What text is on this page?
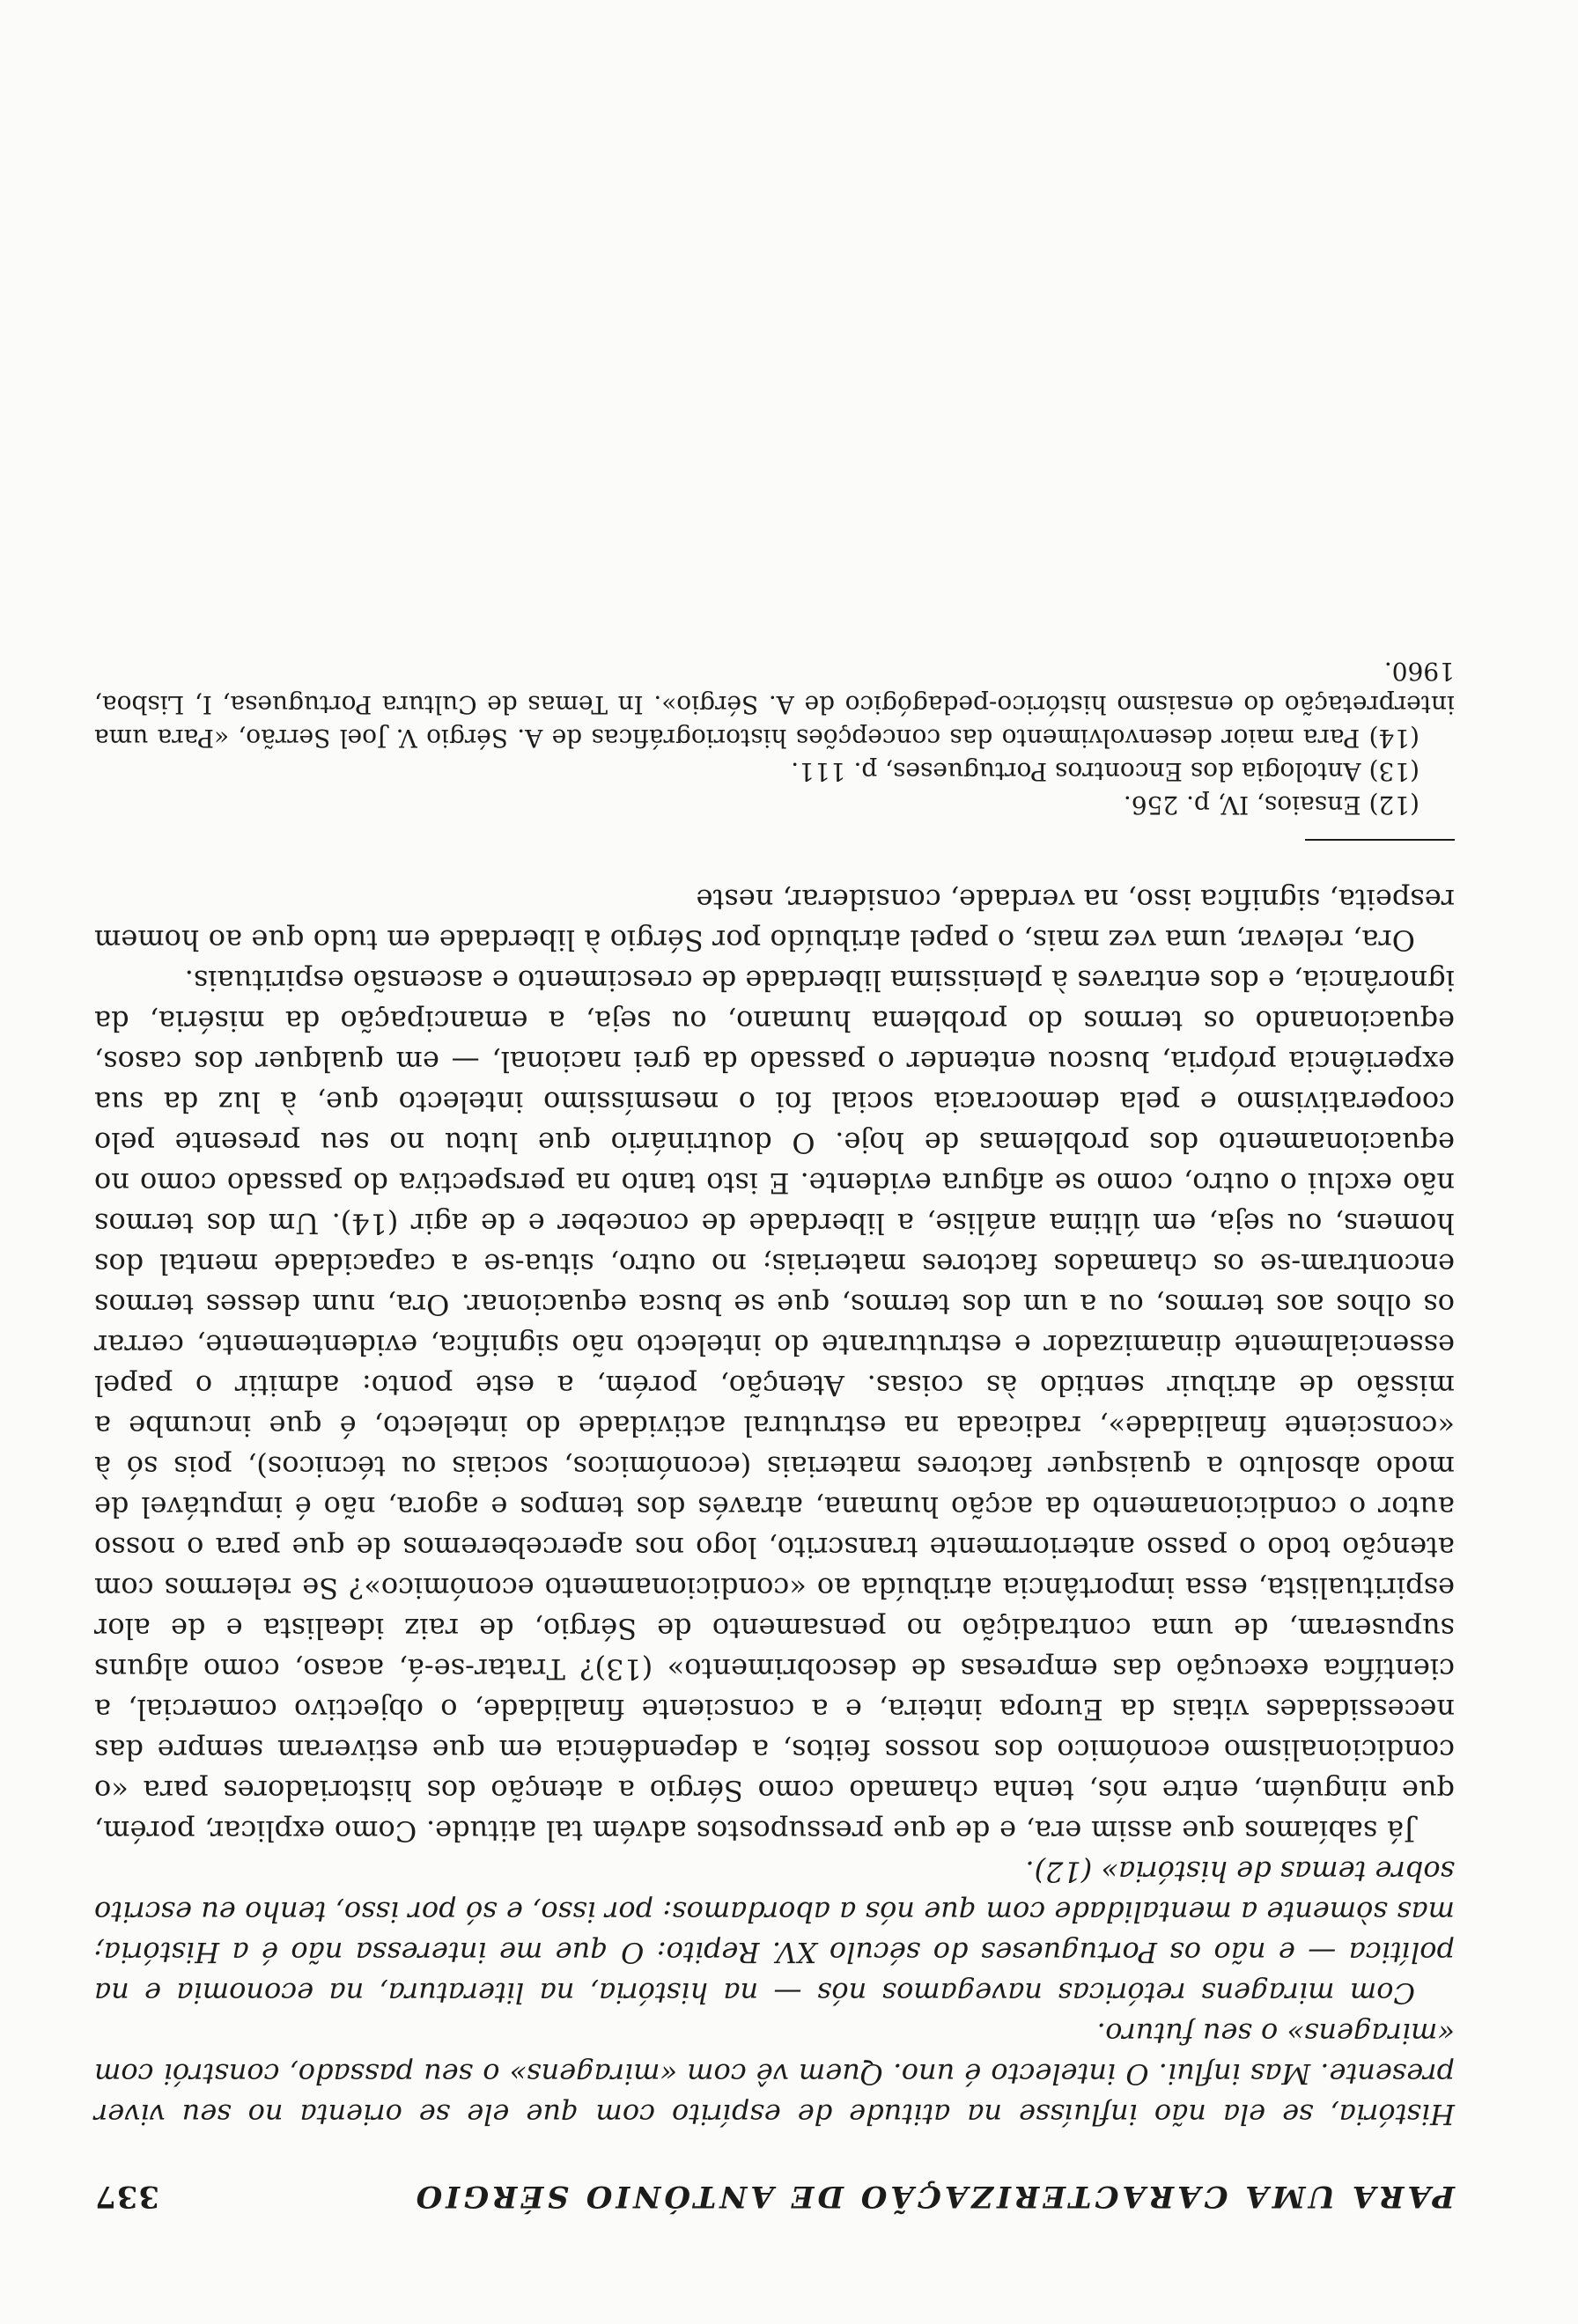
PARA UMA CARACTERIZAÇÃO DE ANTÓNIO SÉRGIO
337

História, se ela não influísse na atitude de espírito com que ele se orienta no seu viver presente. Mas influi. O intelecto é uno. Quem vê com «miragens» o seu passado, constrói com «miragens» o seu futuro.

Com miragens retóricas navegamos nós — na história, na literatura, na economia e na política — e não os Portugueses do século XV. Repito: O que me interessa não é a História; mas sòmente a mentalidade com que nós a abordamos: por isso, e só por isso, tenho eu escrito sobre temas de história» (12).

Já sabíamos que assim era, e de que pressupostos advém tal atitude. Como explicar, porém, que ninguém, entre nós, tenha chamado como Sérgio a atenção dos historiadores para «o condicionalismo económico dos nossos feitos, a dependência em que estiveram sempre das necessidades vitais da Europa inteira, e a consciente finalidade, o objectivo comercial, a científica execução das empresas de descobrimento» (13)? Tratar-se-á, acaso, como alguns supuseram, de uma contradição no pensamento de Sérgio, de raiz idealista e de alor espiritualista, essa importância atribuída ao «condicionamento económico»? Se relermos com atenção todo o passo anteriormente transcrito, logo nos aperceberemos de que para o nosso autor o condicionamento da acção humana, através dos tempos e agora, não é imputável de modo absoluto a quaisquer factores materiais (económicos, sociais ou técnicos), pois só à «consciente finalidade», radicada na estrutural actividade do intelecto, é que incumbe a missão de atribuir sentido às coisas. Atenção, porém, a este ponto: admitir o papel essencialmente dinamizador e estruturante do intelecto não significa, evidentemente, cerrar os olhos aos termos, ou a um dos termos, que se busca equacionar. Ora, num desses termos encontram-se os chamados factores materiais; no outro, situa-se a capacidade mental dos homens, ou seja, em última análise, a liberdade de conceber e de agir (14). Um dos termos não exclui o outro, como se afigura evidente. E isto tanto na perspectiva do passado como no equacionamento dos problemas de hoje. O doutrinário que lutou no seu presente pelo cooperativismo e pela democracia social foi o mesmíssimo intelecto que, à luz da sua experiência própria, buscou entender o passado da grei nacional, — em qualquer dos casos, equacionando os termos do problema humano, ou seja, a emancipação da miséria, da ignorância, e dos entraves à plenissima liberdade de crescimento e ascensão espirituais.

Ora, relevar, uma vez mais, o papel atribuído por Sérgio à liberdade em tudo que ao homem respeita, significa isso, na verdade, considerar, neste

(12) Ensaios, IV, p. 256.

(13) Antologia dos Encontros Portugueses, p. 111.

(14) Para maior desenvolvimento das concepções historiográficas de A. Sérgio V. Joel Serrão, «Para uma interpretação do ensaismo histórico-pedagógico de A. Sérgio». In Temas de Cultura Portuguesa, I, Lisboa, 1960.
